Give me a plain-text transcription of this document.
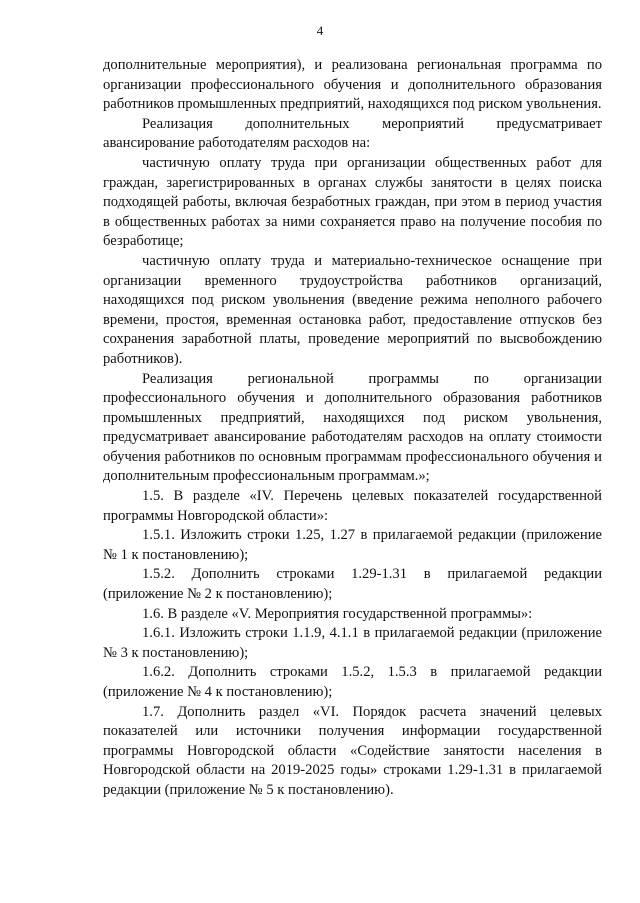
4

дополнительные мероприятия), и реализована региональная программа по организации профессионального обучения и дополнительного образования работников промышленных предприятий, находящихся под риском увольнения.

Реализация дополнительных мероприятий предусматривает авансирование работодателям расходов на:

частичную оплату труда при организации общественных работ для граждан, зарегистрированных в органах службы занятости в целях поиска подходящей работы, включая безработных граждан, при этом в период участия в общественных работах за ними сохраняется право на получение пособия по безработице;

частичную оплату труда и материально-техническое оснащение при организации временного трудоустройства работников организаций, находящихся под риском увольнения (введение режима неполного рабочего времени, простоя, временная остановка работ, предоставление отпусков без сохранения заработной платы, проведение мероприятий по высвобождению работников).

Реализация региональной программы по организации профессионального обучения и дополнительного образования работников промышленных предприятий, находящихся под риском увольнения, предусматривает авансирование работодателям расходов на оплату стоимости обучения работников по основным программам профессионального обучения и дополнительным профессиональным программам.»;

1.5. В разделе «IV. Перечень целевых показателей государственной программы Новгородской области»:

1.5.1. Изложить строки 1.25, 1.27 в прилагаемой редакции (приложение № 1 к постановлению);

1.5.2. Дополнить строками 1.29-1.31 в прилагаемой редакции (приложение № 2 к постановлению);

1.6. В разделе «V. Мероприятия государственной программы»:

1.6.1. Изложить строки 1.1.9, 4.1.1 в прилагаемой редакции (приложение № 3 к постановлению);

1.6.2. Дополнить строками 1.5.2, 1.5.3 в прилагаемой редакции (приложение № 4 к постановлению);

1.7. Дополнить раздел «VI. Порядок расчета значений целевых показателей или источники получения информации государственной программы Новгородской области «Содействие занятости населения в Новгородской области на 2019-2025 годы» строками 1.29-1.31 в прилагаемой редакции (приложение № 5 к постановлению).
